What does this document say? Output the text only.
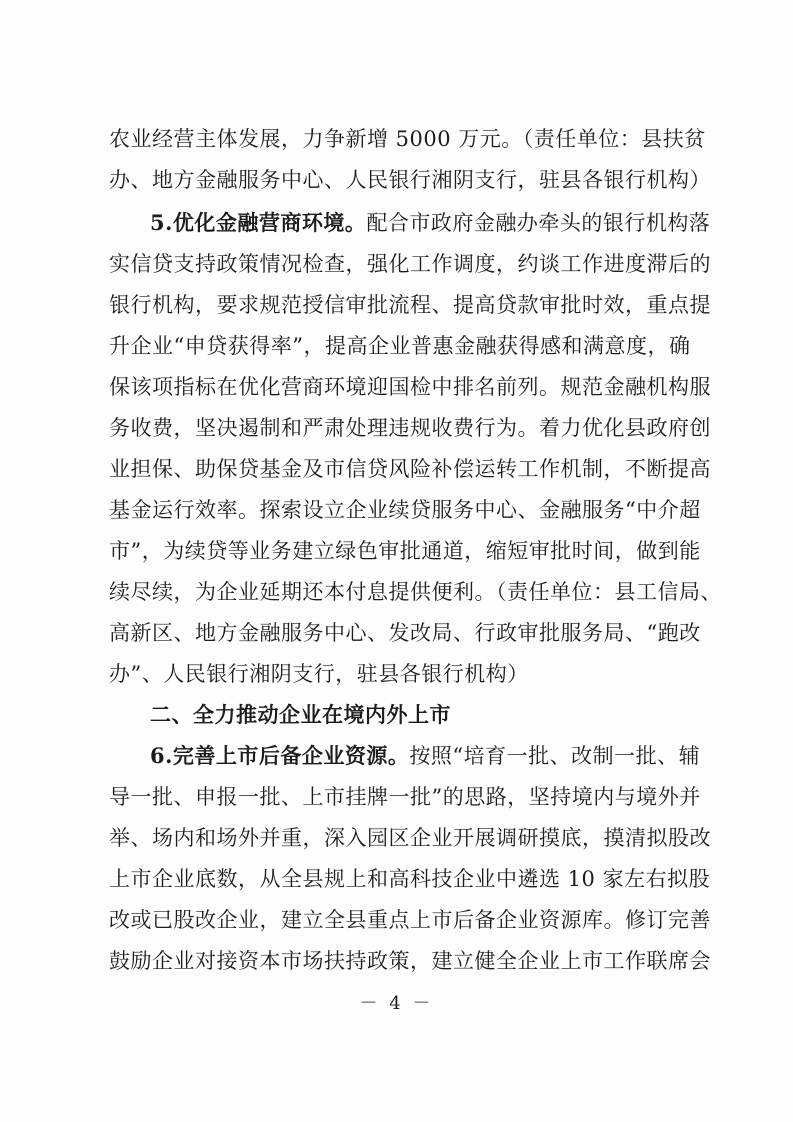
农业经营主体发展，力争新增 5000 万元。（责任单位：县扶贫
办、地方金融服务中心、人民银行湘阴支行，驻县各银行机构）
5.优化金融营商环境。配合市政府金融办牵头的银行机构落
实信贷支持政策情况检查，强化工作调度，约谈工作进度滞后的
银行机构，要求规范授信审批流程、提高贷款审批时效，重点提
升企业“申贷获得率”，提高企业普惠金融获得感和满意度，确
保该项指标在优化营商环境迎国检中排名前列。规范金融机构服
务收费，坚决遏制和严肃处理违规收费行为。着力优化县政府创
业担保、助保贷基金及市信贷风险补偿运转工作机制，不断提高
基金运行效率。探索设立企业续贷服务中心、金融服务“中介超
市”，为续贷等业务建立绿色审批通道，缩短审批时间，做到能
续尽续，为企业延期还本付息提供便利。（责任单位：县工信局、
高新区、地方金融服务中心、发改局、行政审批服务局、“跑改
办”、人民银行湘阴支行，驻县各银行机构）
二、全力推动企业在境内外上市
6.完善上市后备企业资源。按照“培育一批、改制一批、辅
导一批、申报一批、上市挂牌一批”的思路，坚持境内与境外并
举、场内和场外并重，深入园区企业开展调研摸底，摸清拟股改
上市企业底数，从全县规上和高科技企业中遴选 10 家左右拟股
改或已股改企业，建立全县重点上市后备企业资源库。修订完善
鼓励企业对接资本市场扶持政策，建立健全企业上市工作联席会
－ 4 －
